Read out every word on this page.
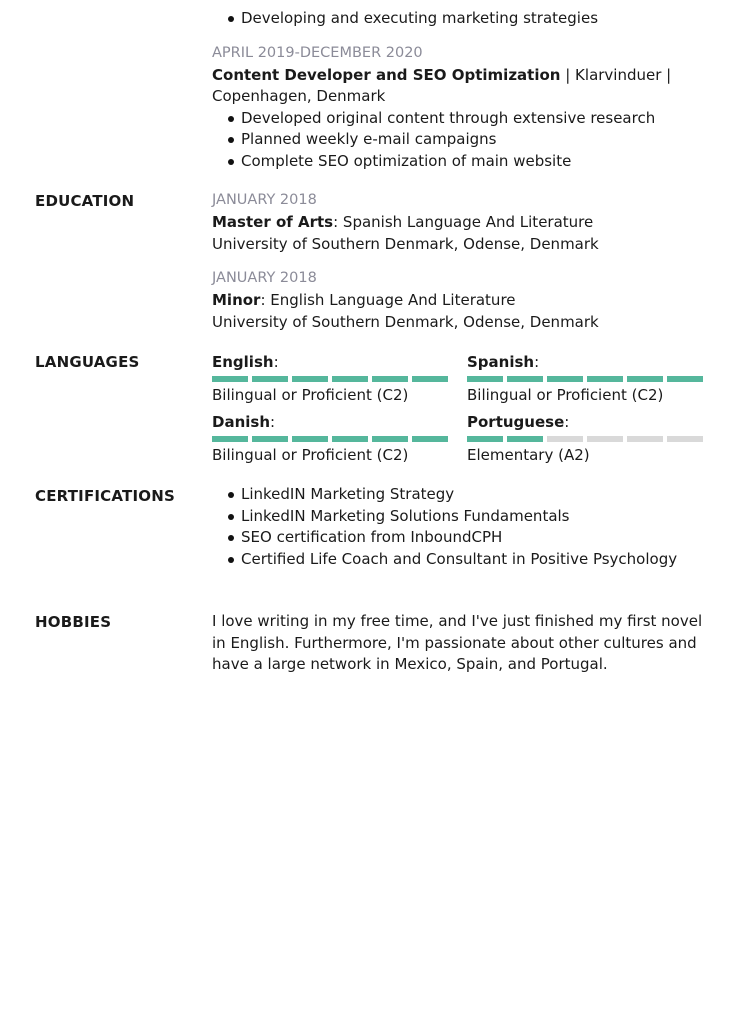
Developing and executing marketing strategies
APRIL 2019-DECEMBER 2020
Content Developer and SEO Optimization | Klarvinduer |
Copenhagen, Denmark
Developed original content through extensive research
Planned weekly e-mail campaigns
Complete SEO optimization of main website
EDUCATION	JANUARY 2018
Master of Arts: Spanish Language And Literature
University of Southern Denmark, Odense, Denmark
JANUARY 2018
Minor: English Language And Literature
University of Southern Denmark, Odense, Denmark
LANGUAGES	English:
Bilingual or Proficient (C2)
Spanish:
Bilingual or Proficient (C2)
Danish:
Bilingual or Proficient (C2)
Portuguese:
Elementary (A2)
CERTIFICATIONS	LinkedIN Marketing Strategy
LinkedIN Marketing Solutions Fundamentals
SEO certification from InboundCPH
Certified Life Coach and Consultant in Positive Psychology
HOBBIES	I love writing in my free time, and I've just finished my first novel in English. Furthermore, I'm passionate about other cultures and have a large network in Mexico, Spain, and Portugal.
